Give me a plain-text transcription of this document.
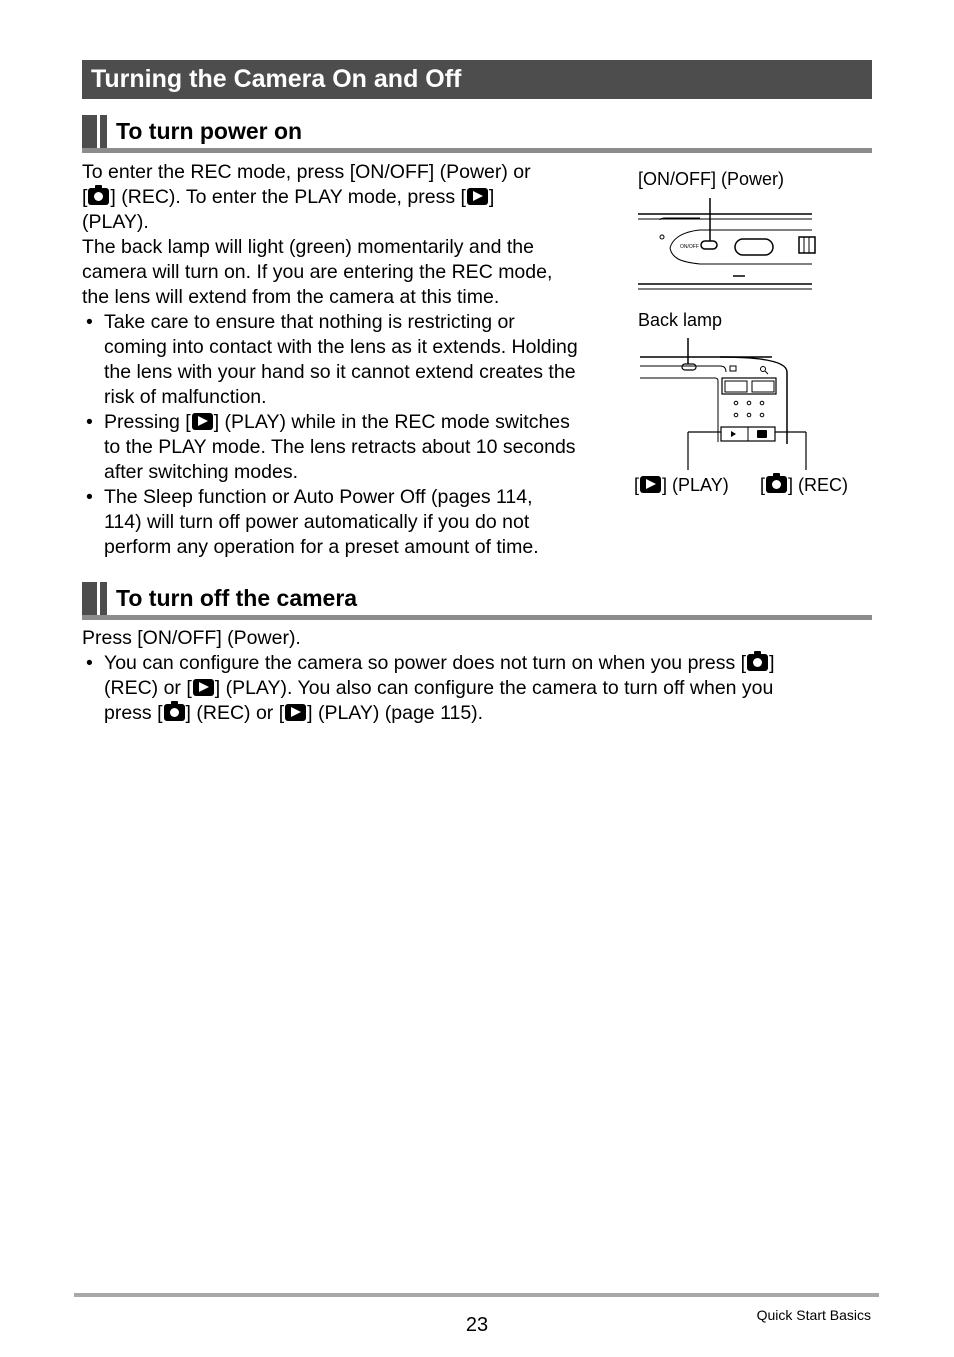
Turning the Camera On and Off
To turn power on
To enter the REC mode, press [ON/OFF] (Power) or
[ ] (REC). To enter the PLAY mode, press [ ]
(PLAY).
The back lamp will light (green) momentarily and the
camera will turn on. If you are entering the REC mode,
the lens will extend from the camera at this time.
• Take care to ensure that nothing is restricting or
coming into contact with the lens as it extends. Holding
the lens with your hand so it cannot extend creates the
risk of malfunction.
• Pressing [ ] (PLAY) while in the REC mode switches
to the PLAY mode. The lens retracts about 10 seconds
after switching modes.
• The Sleep function or Auto Power Off (pages 114,
114) will turn off power automatically if you do not
perform any operation for a preset amount of time.
ON/OFF
[ON/OFF] (Power)
Back lamp
[ ] (PLAY) [ ] (REC)
To turn off the camera
Press [ON/OFF] (Power).
• You can configure the camera so power does not turn on when you press [ ]
(REC) or [ ] (PLAY). You also can configure the camera to turn off when you
press [ ] (REC) or [ ] (PLAY) (page 115).
23	Quick Start Basics
